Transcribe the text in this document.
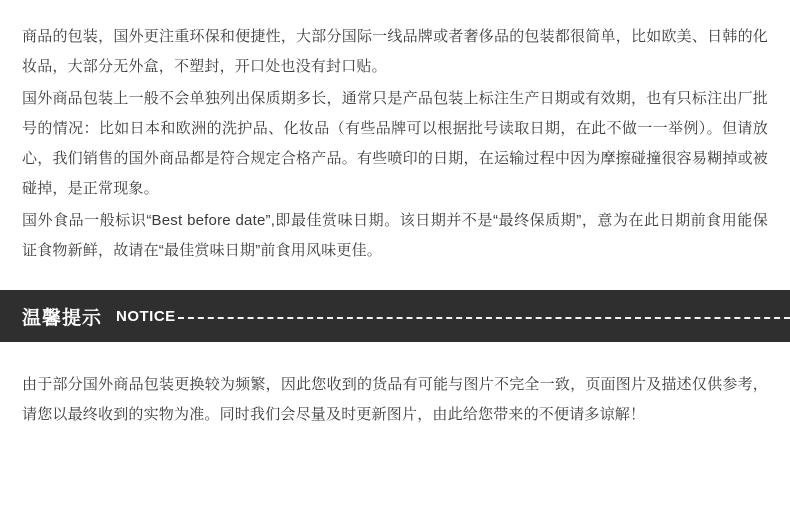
商品的包装，国外更注重环保和便捷性，大部分国际一线品牌或者奢侈品的包装都很简单，比如欧美、日韩的化妆品，大部分无外盒，不塑封，开口处也没有封口贴。

国外商品包装上一般不会单独列出保质期多长，通常只是产品包装上标注生产日期或有效期，也有只标注出厂批号的情况：比如日本和欧洲的洗护品、化妆品（有些品牌可以根据批号读取日期，在此不做一一举例）。但请放心，我们销售的国外商品都是符合规定合格产品。有些喷印的日期，在运输过程中因为摩擦碰撞很容易糊掉或被碰掉，是正常现象。

国外食品一般标识“Best before date”,即最佳赏味日期。该日期并不是“最终保质期”，意为在此日期前食用能保证食物新鲜，故请在“最佳赏味日期”前食用风味更佳。

温馨提示 NOTICE

由于部分国外商品包装更换较为频繁，因此您收到的货品有可能与图片不完全一致，页面图片及描述仅供参考，请您以最终收到的实物为准。同时我们会尽量及时更新图片，由此给您带来的不便请多谅解！
